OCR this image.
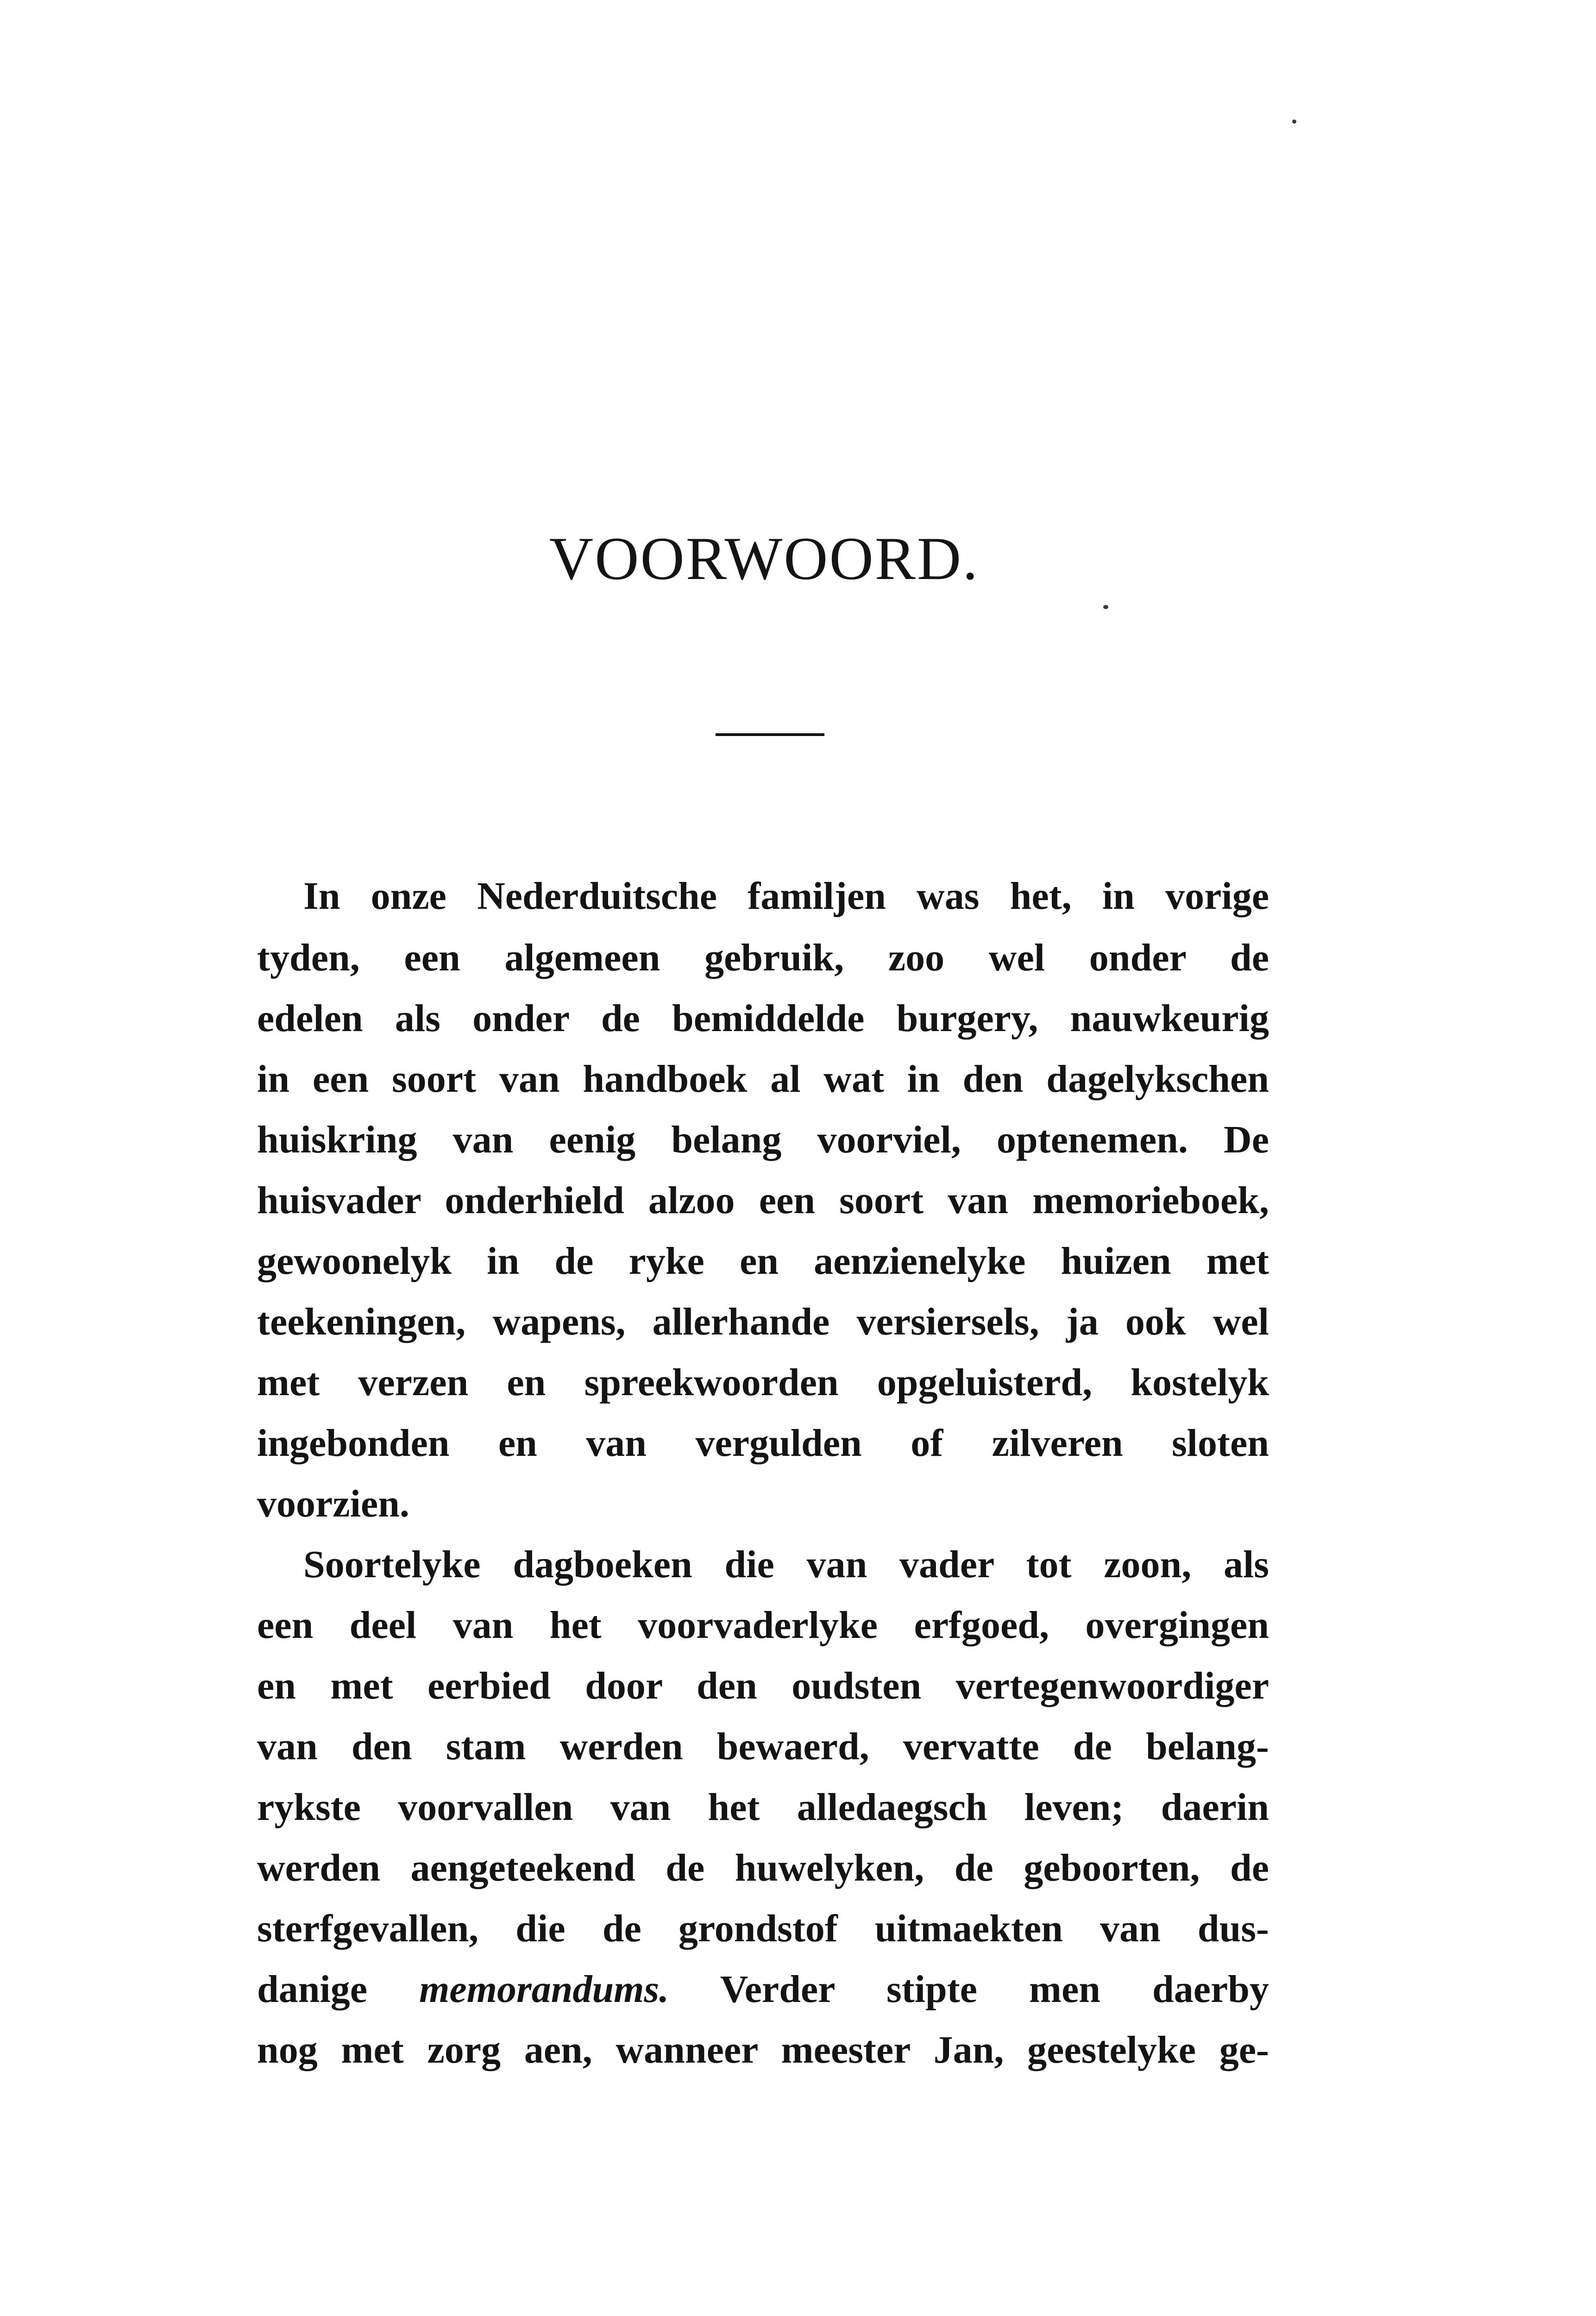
VOORWOORD.
In onze Nederduitsche familjen was het, in vorige
tyden, een algemeen gebruik, zoo wel onder de
edelen als onder de bemiddelde burgery, nauwkeurig
in een soort van handboek al wat in den dagelykschen
huiskring van eenig belang voorviel, optenemen. De
huisvader onderhield alzoo een soort van memorieboek,
gewoonelyk in de ryke en aenzienelyke huizen met
teekeningen, wapens, allerhande versiersels, ja ook wel
met verzen en spreekwoorden opgeluisterd, kostelyk
ingebonden en van vergulden of zilveren sloten
voorzien.
Soortelyke dagboeken die van vader tot zoon, als
een deel van het voorvaderlyke erfgoed, overgingen
en met eerbied door den oudsten vertegenwoordiger
van den stam werden bewaerd, vervatte de belang-
rykste voorvallen van het alledaegsch leven; daerin
werden aengeteekend de huwelyken, de geboorten, de
sterfgevallen, die de grondstof uitmaekten van dus-
danige memorandums. Verder stipte men daerby
nog met zorg aen, wanneer meester Jan, geestelyke ge-
